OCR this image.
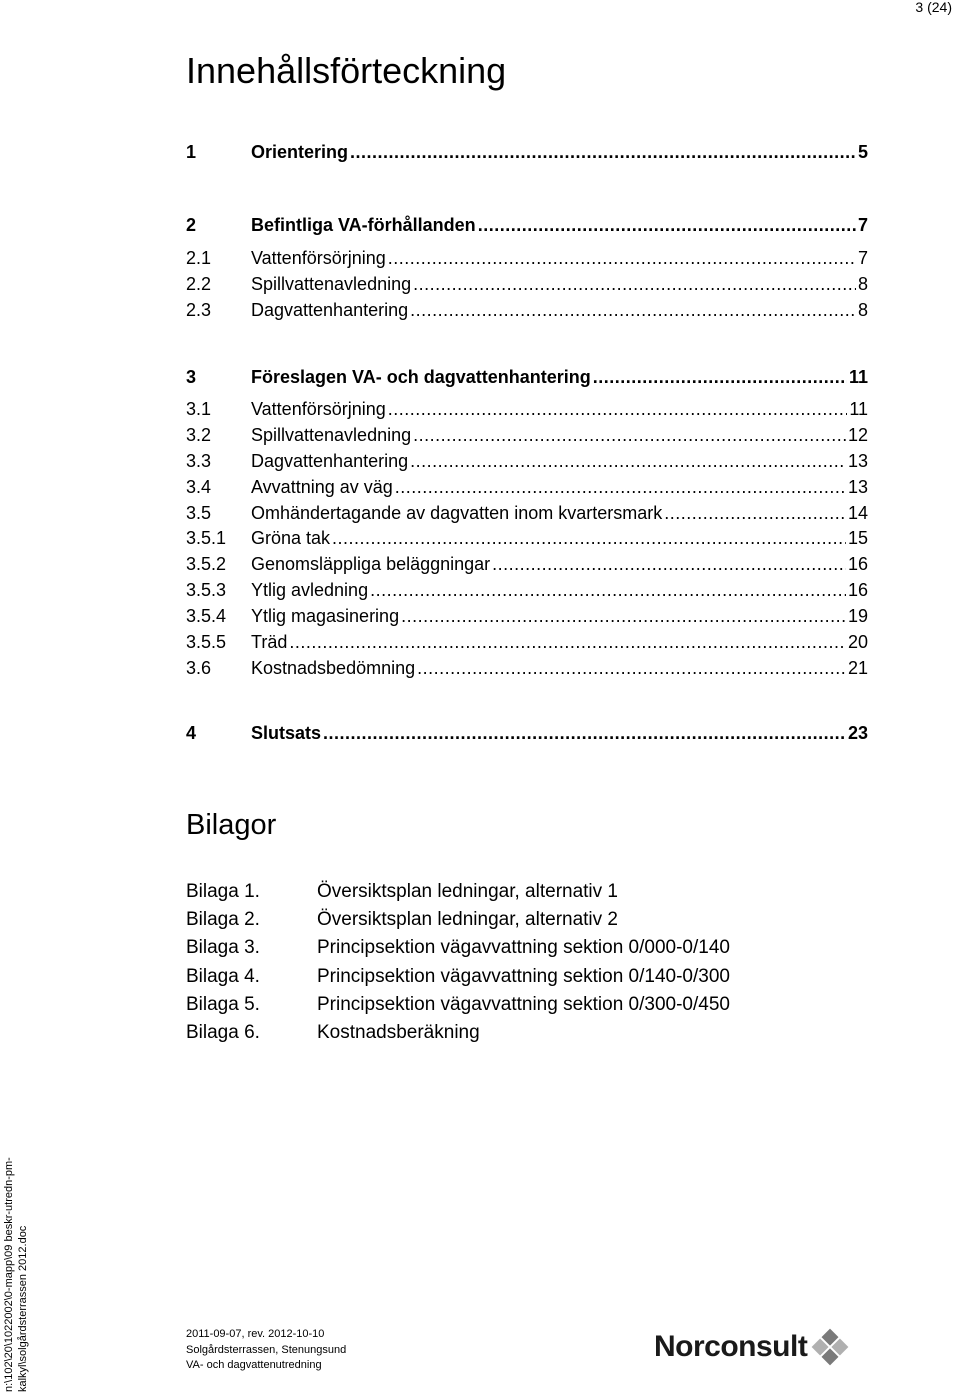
3 (24)
Innehållsförteckning
1	Orientering .....	5
2	Befintliga VA-förhållanden .....	7
2.1	Vattenförsörjning .....	7
2.2	Spillvattenavledning .....	8
2.3	Dagvattenhantering .....	8
3	Föreslagen VA- och dagvattenhantering .....	11
3.1	Vattenförsörjning .....	11
3.2	Spillvattenavledning .....	12
3.3	Dagvattenhantering .....	13
3.4	Avvattning av väg .....	13
3.5	Omhändertagande av dagvatten inom kvartersmark .....	14
3.5.1	Gröna tak .....	15
3.5.2	Genomsläppliga beläggningar .....	16
3.5.3	Ytlig avledning .....	16
3.5.4	Ytlig magasinering .....	19
3.5.5	Träd .....	20
3.6	Kostnadsbedömning .....	21
4	Slutsats .....	23
Bilagor
Bilaga 1.	Översiktsplan ledningar, alternativ 1
Bilaga 2.	Översiktsplan ledningar, alternativ 2
Bilaga 3.	Principsektion vägavvattning sektion 0/000-0/140
Bilaga 4.	Principsektion vägavvattning sektion 0/140-0/300
Bilaga 5.	Principsektion vägavvattning sektion 0/300-0/450
Bilaga 6.	Kostnadsberäkning
n:\102\20\1022002\0-mapp\09 beskr-utredn-pm- kalkyl\solgårdsterrassen 2012.doc	2011-09-07, rev. 2012-10-10
Solgårdsterrassen, Stenungsund
VA- och dagvattenutredning
Norconsult
